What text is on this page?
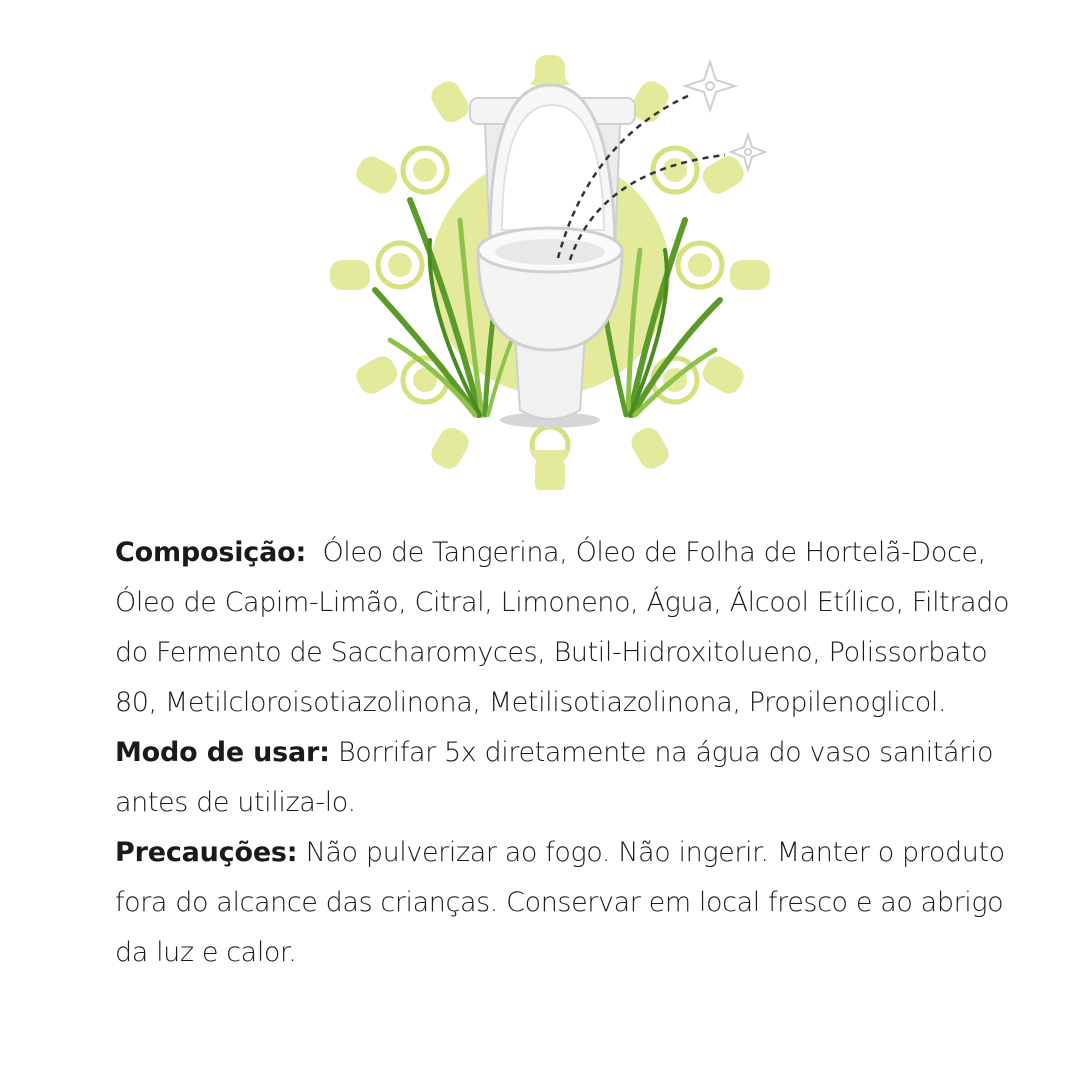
Composição:  Óleo de Tangerina, Óleo de Folha de Hortelã-Doce, Óleo de Capim-Limão, Citral, Limoneno, Água, Álcool Etílico, Filtrado do Fermento de Saccharomyces, Butil-Hidroxitolueno, Polissorbato 80, Metilcloroisotiazolinona, Metilisotiazolinona, Propilenoglicol. Modo de usar: Borrifar 5x diretamente na água do vaso sanitário antes de utiliza-lo.

Precauções: Não pulverizar ao fogo. Não ingerir. Manter o produto fora do alcance das crianças. Conservar em local fresco e ao abrigo da luz e calor.
